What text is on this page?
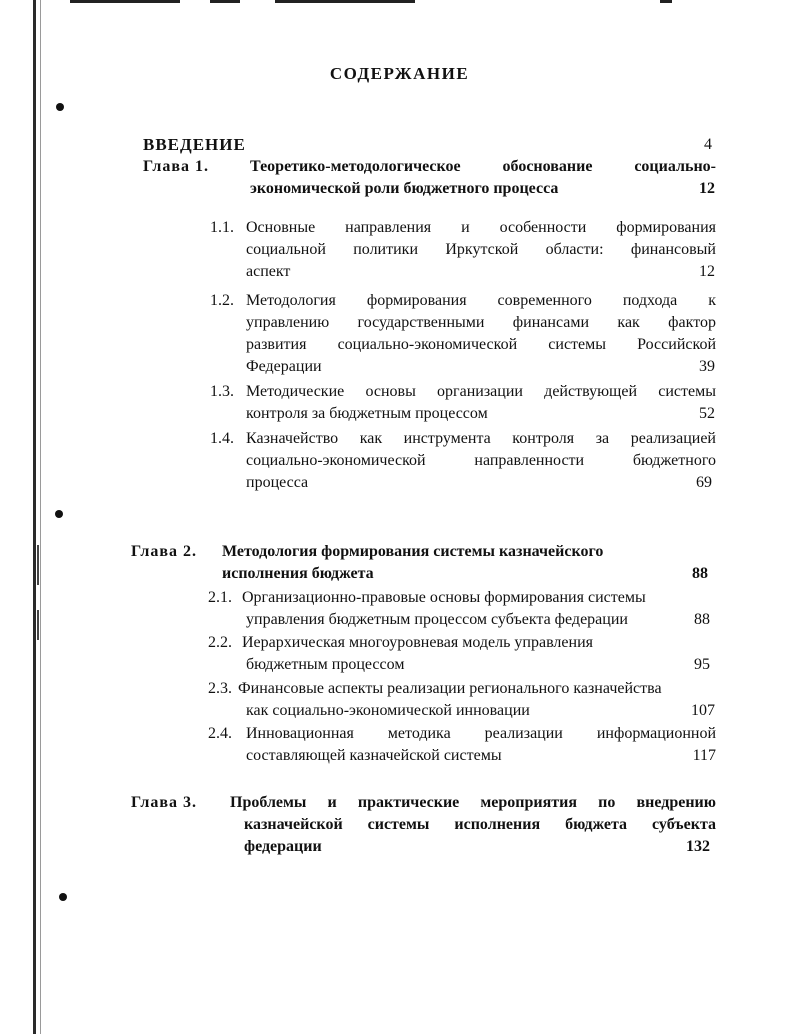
СОДЕРЖАНИЕ
ВВЕДЕНИЕ	4
Глава 1.	Теоретико-методологическое обоснование социально-
экономической роли бюджетного процесса	12
1.1. Основные направления и особенности формирования
социальной политики Иркутской области: финансовый
аспект	12
1.2. Методология формирования современного подхода к
управлению государственными финансами как фактор
развития социально-экономической системы Российской
Федерации	39
1.3. Методические основы организации действующей системы
контроля за бюджетным процессом	52
1.4. Казначейство как инструмента контроля за реализацией
социально-экономической направленности бюджетного
процесса	69
Глава 2. Методология формирования системы казначейского
исполнения бюджета	88
2.1. Организационно-правовые основы формирования системы
управления бюджетным процессом субъекта федерации	88
2.2. Иерархическая многоуровневая модель управления
бюджетным процессом	95
2.3. Финансовые аспекты реализации регионального казначейства
как социально-экономической инновации	107
2.4. Инновационная методика реализации информационной
составляющей казначейской системы	117
Глава 3. Проблемы и практические мероприятия по внедрению
казначейской системы исполнения бюджета субъекта
федерации	132
